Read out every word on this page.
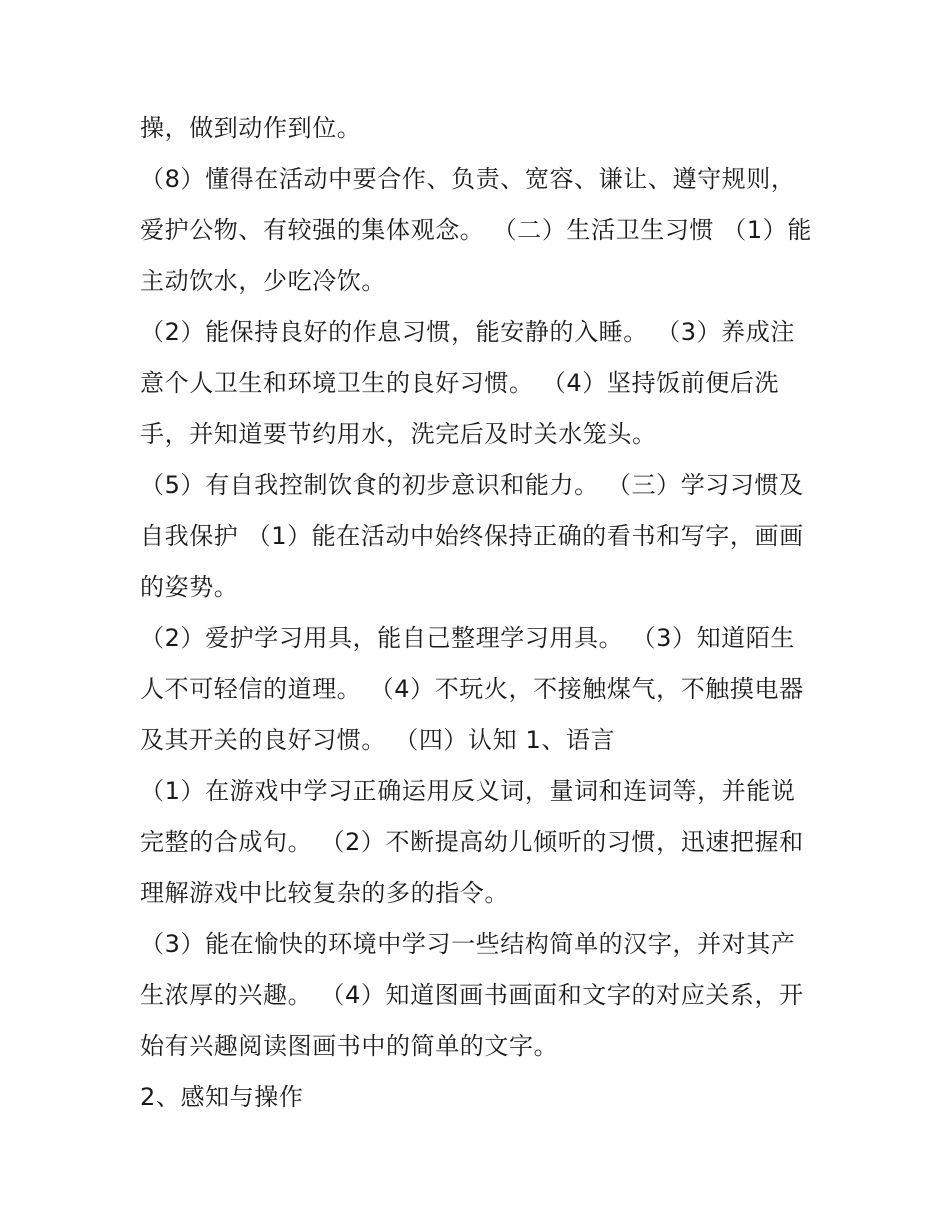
操，做到动作到位。
（8）懂得在活动中要合作、负责、宽容、谦让、遵守规则，
爱护公物、有较强的集体观念。 （二）生活卫生习惯 （1）能
主动饮水，少吃冷饮。
（2）能保持良好的作息习惯，能安静的入睡。 （3）养成注
意个人卫生和环境卫生的良好习惯。 （4）坚持饭前便后洗
手，并知道要节约用水，洗完后及时关水笼头。
（5）有自我控制饮食的初步意识和能力。 （三）学习习惯及
自我保护 （1）能在活动中始终保持正确的看书和写字，画画
的姿势。
（2）爱护学习用具，能自己整理学习用具。 （3）知道陌生
人不可轻信的道理。 （4）不玩火，不接触煤气，不触摸电器
及其开关的良好习惯。 （四）认知 1、语言
（1）在游戏中学习正确运用反义词，量词和连词等，并能说
完整的合成句。 （2）不断提高幼儿倾听的习惯，迅速把握和
理解游戏中比较复杂的多的指令。
（3）能在愉快的环境中学习一些结构简单的汉字，并对其产
生浓厚的兴趣。 （4）知道图画书画面和文字的对应关系，开
始有兴趣阅读图画书中的简单的文字。
2、感知与操作
